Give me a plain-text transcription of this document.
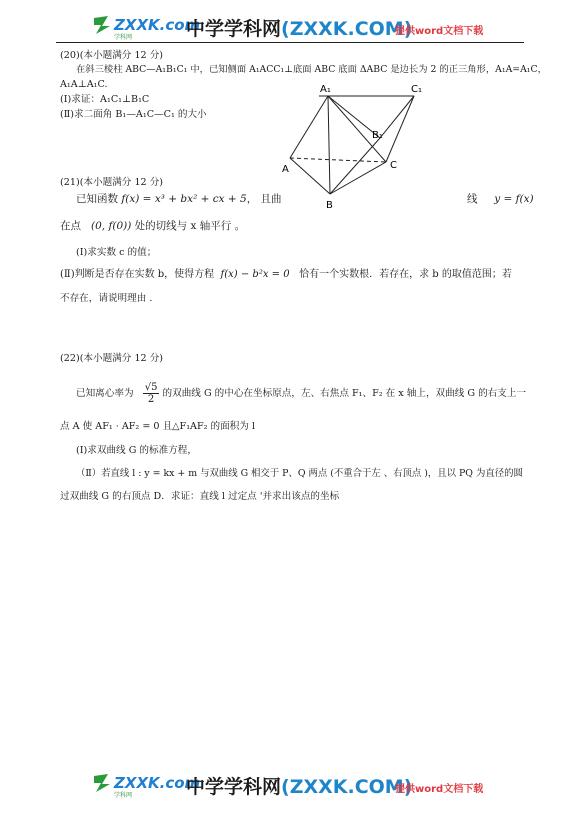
ZXXK.com
学科网	中学学科网(ZXXK.COM)
提供word文档下载
(20)(本小题满分 12 分)
在斜三棱柱 ABC—A₁B₁C₁ 中，已知侧面 A₁ACC₁⊥底面 ABC 底面 ΔABC 是边长为 2 的正三角形，A₁A=A₁C，
A₁A⊥A₁C.
(I)求证：A₁C₁⊥B₁C
(Ⅱ)求二面角 B₁—A₁C—C₁ 的大小
A₁	C₁
B₁
A
B
C
(21)(本小题满分 12 分)
已知函数 f(x) = x³ + bx² + cx + 5， 且曲	线 y = f(x)
在点 (0, f(0)) 处的切线与 x 轴平行 。
(I)求实数 c 的值；
(Ⅱ)判断是否存在实数 b，使得方程 f(x) − b²x = 0 恰有一个实数根．若存在，求 b 的取值范围；若
不存在，请说明理由 .
(22)(本小题满分 12 分)
已知离心率为 $\frac{√5}{2}$ 的双曲线 G 的中心在坐标原点，左、右焦点 F₁、F₂ 在 x 轴上，双曲线 G 的右支上一
点 A 使 AF₁ · AF₂ = 0 且△F₁AF₂ 的面积为 l
(I)求双曲线 G 的标准方程，
（Ⅱ）若直线 l : y = kx + m 与双曲线 G 相交于 P、Q 两点 (不重合于左 、右顶点 )，且以 PQ 为直径的圆
过双曲线 G 的右顶点 D．求证：直线 l 过定点 '并求出该点的坐标
ZXXK.com
学科网	中学学科网(ZXXK.COM)
提供word文档下载
